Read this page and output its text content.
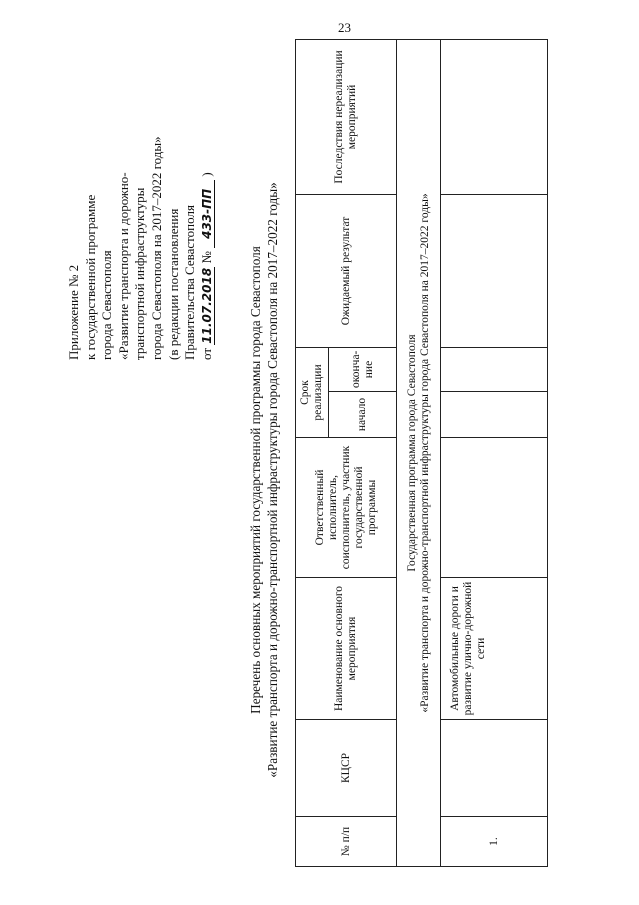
23
Приложение № 2 к государственной программе города Севастополя «Развитие транспорта и дорожно- транспортной инфраструктуры города Севастополя на 2017–2022 годы» (в редакции постановления Правительства Севастополя от 11.07.2018 № 433-ПП )
Перечень основных мероприятий государственной программы города Севастополя «Развитие транспорта и дорожно-транспортной инфраструктуры города Севастополя на 2017–2022 годы»
№ п/п	КЦСР	Наименование основного мероприятия	Ответственный исполнитель, соисполнитель, участник государственной программы	Срок реализации		Ожидаемый результат	Последствия нереализации мероприятий
				начало	оконча-ние		

Государственная программа города Севастополя «Развитие транспорта и дорожно-транспортной инфраструктуры города Севастополя на 2017–2022 годы»							

1.		Автомобильные дороги и развитие улично-дорожной сети					
